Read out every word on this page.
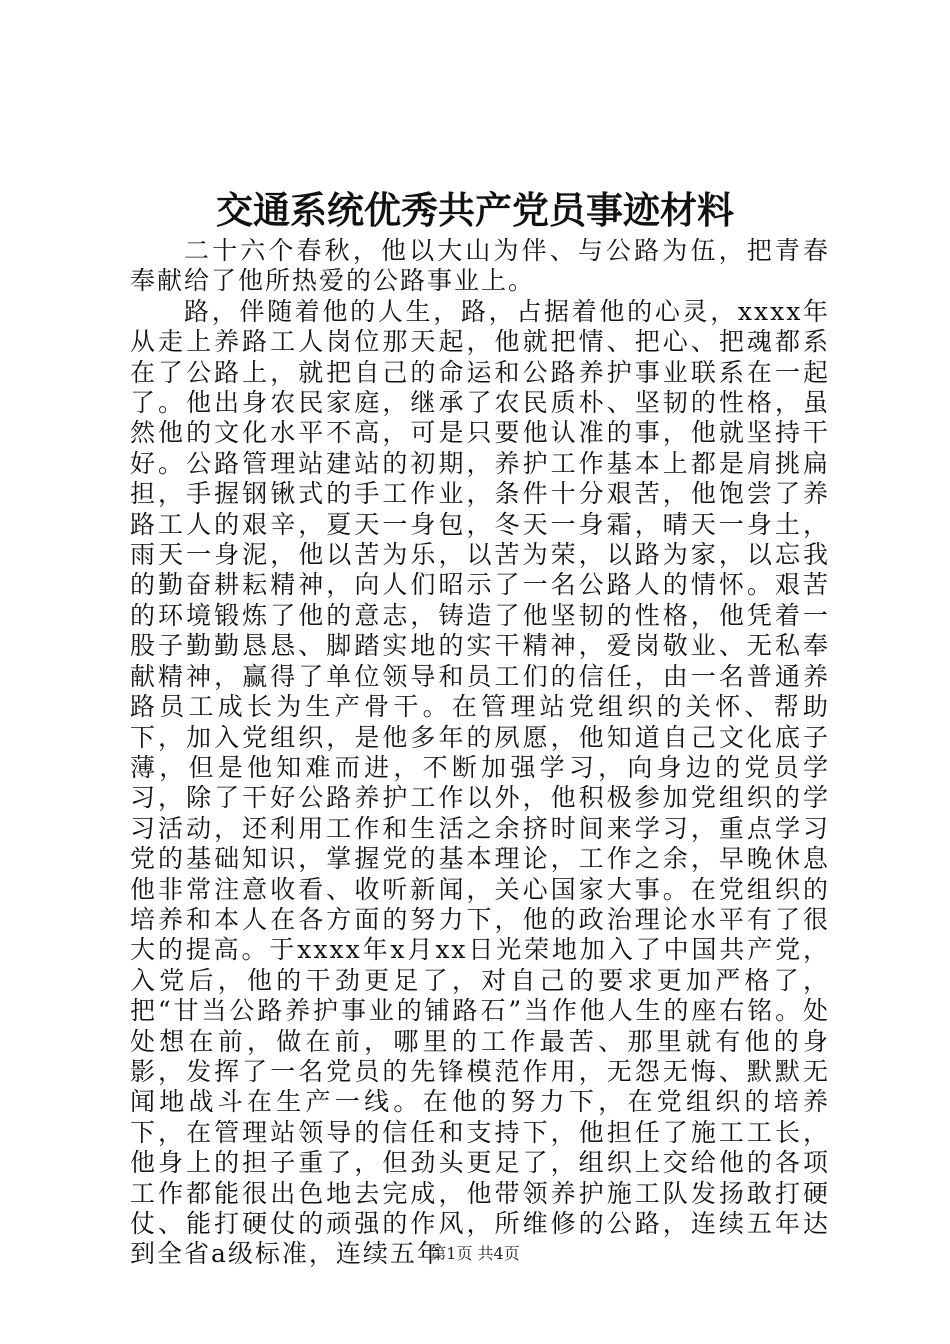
交通系统优秀共产党员事迹材料

二十六个春秋，他以大山为伴、与公路为伍，把青春奉献给了他所热爱的公路事业上。

路，伴随着他的人生，路，占据着他的心灵，xxxx年从走上养路工人岗位那天起，他就把情、把心、把魂都系在了公路上，就把自己的命运和公路养护事业联系在一起了。他出身农民家庭，继承了农民质朴、坚韧的性格，虽然他的文化水平不高，可是只要他认准的事，他就坚持干好。公路管理站建站的初期，养护工作基本上都是肩挑扁担，手握钢锹式的手工作业，条件十分艰苦，他饱尝了养路工人的艰辛，夏天一身包，冬天一身霜，晴天一身土，雨天一身泥，他以苦为乐，以苦为荣，以路为家，以忘我的勤奋耕耘精神，向人们昭示了一名公路人的情怀。艰苦的环境锻炼了他的意志，铸造了他坚韧的性格，他凭着一股子勤勤恳恳、脚踏实地的实干精神，爱岗敬业、无私奉献精神，赢得了单位领导和员工们的信任，由一名普通养路员工成长为生产骨干。在管理站党组织的关怀、帮助下，加入党组织，是他多年的夙愿，他知道自己文化底子薄，但是他知难而进，不断加强学习，向身边的党员学习，除了干好公路养护工作以外，他积极参加党组织的学习活动，还利用工作和生活之余挤时间来学习，重点学习党的基础知识，掌握党的基本理论，工作之余，早晚休息他非常注意收看、收听新闻，关心国家大事。在党组织的培养和本人在各方面的努力下，他的政治理论水平有了很大的提高。于xxxx年x月xx日光荣地加入了中国共产党，入党后，他的干劲更足了，对自己的要求更加严格了，把“甘当公路养护事业的铺路石”当作他人生的座右铭。处处想在前，做在前，哪里的工作最苦、那里就有他的身影，发挥了一名党员的先锋模范作用，无怨无悔、默默无闻地战斗在生产一线。在他的努力下，在党组织的培养下，在管理站领导的信任和支持下，他担任了施工工长，他身上的担子重了，但劲头更足了，组织上交给他的各项工作都能很出色地去完成，他带领养护施工队发扬敢打硬仗、能打硬仗的顽强的作风，所维修的公路，连续五年达到全省a级标准，连续五年

第1页 共4页
